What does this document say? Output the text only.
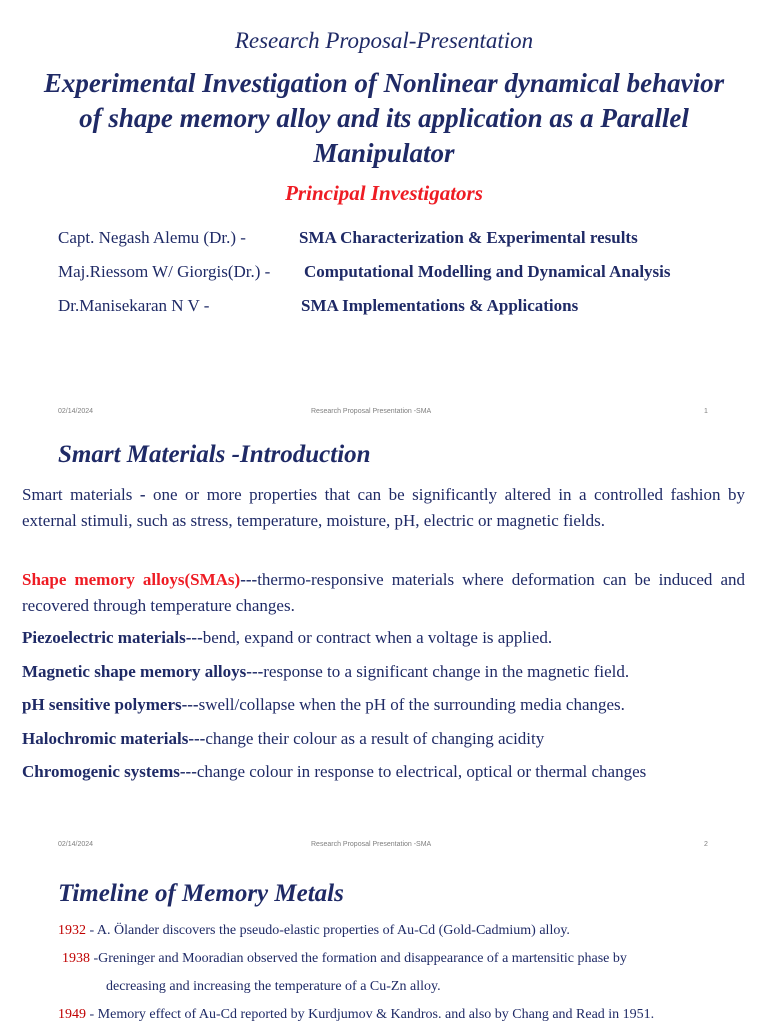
Research Proposal-Presentation
Experimental Investigation of Nonlinear dynamical behavior of shape memory alloy and its application as a Parallel Manipulator
Principal Investigators
Capt. Negash Alemu (Dr.) -	SMA Characterization & Experimental results
Maj.Riessom W/ Giorgis(Dr.) - Computational Modelling and Dynamical Analysis
Dr.Manisekaran N V -	SMA Implementations & Applications
02/14/2024	Research Proposal Presentation -SMA	1
Smart Materials -Introduction
Smart materials - one or more properties that can be significantly altered in a controlled fashion by external stimuli, such as stress, temperature, moisture, pH, electric or magnetic fields.
Shape memory alloys(SMAs)---thermo-responsive materials where deformation can be induced and recovered through temperature changes.
Piezoelectric materials---bend, expand or contract when a voltage is applied.
Magnetic shape memory alloys---response to a significant change in the magnetic field.
pH sensitive polymers---swell/collapse when the pH of the surrounding media changes.
Halochromic materials---change their colour as a result of changing acidity
Chromogenic systems---change colour in response to electrical, optical or thermal changes
02/14/2024	Research Proposal Presentation -SMA	2
Timeline of Memory Metals
1932 - A. Ölander discovers the pseudo-elastic properties of Au-Cd (Gold-Cadmium) alloy.
1938 -Greninger and Mooradian observed the formation and disappearance of a martensitic phase by
decreasing and increasing the temperature of a Cu-Zn alloy.
1949 - Memory effect of Au-Cd reported by Kurdjumov & Kandros. and also by Chang and Read in 1951.
